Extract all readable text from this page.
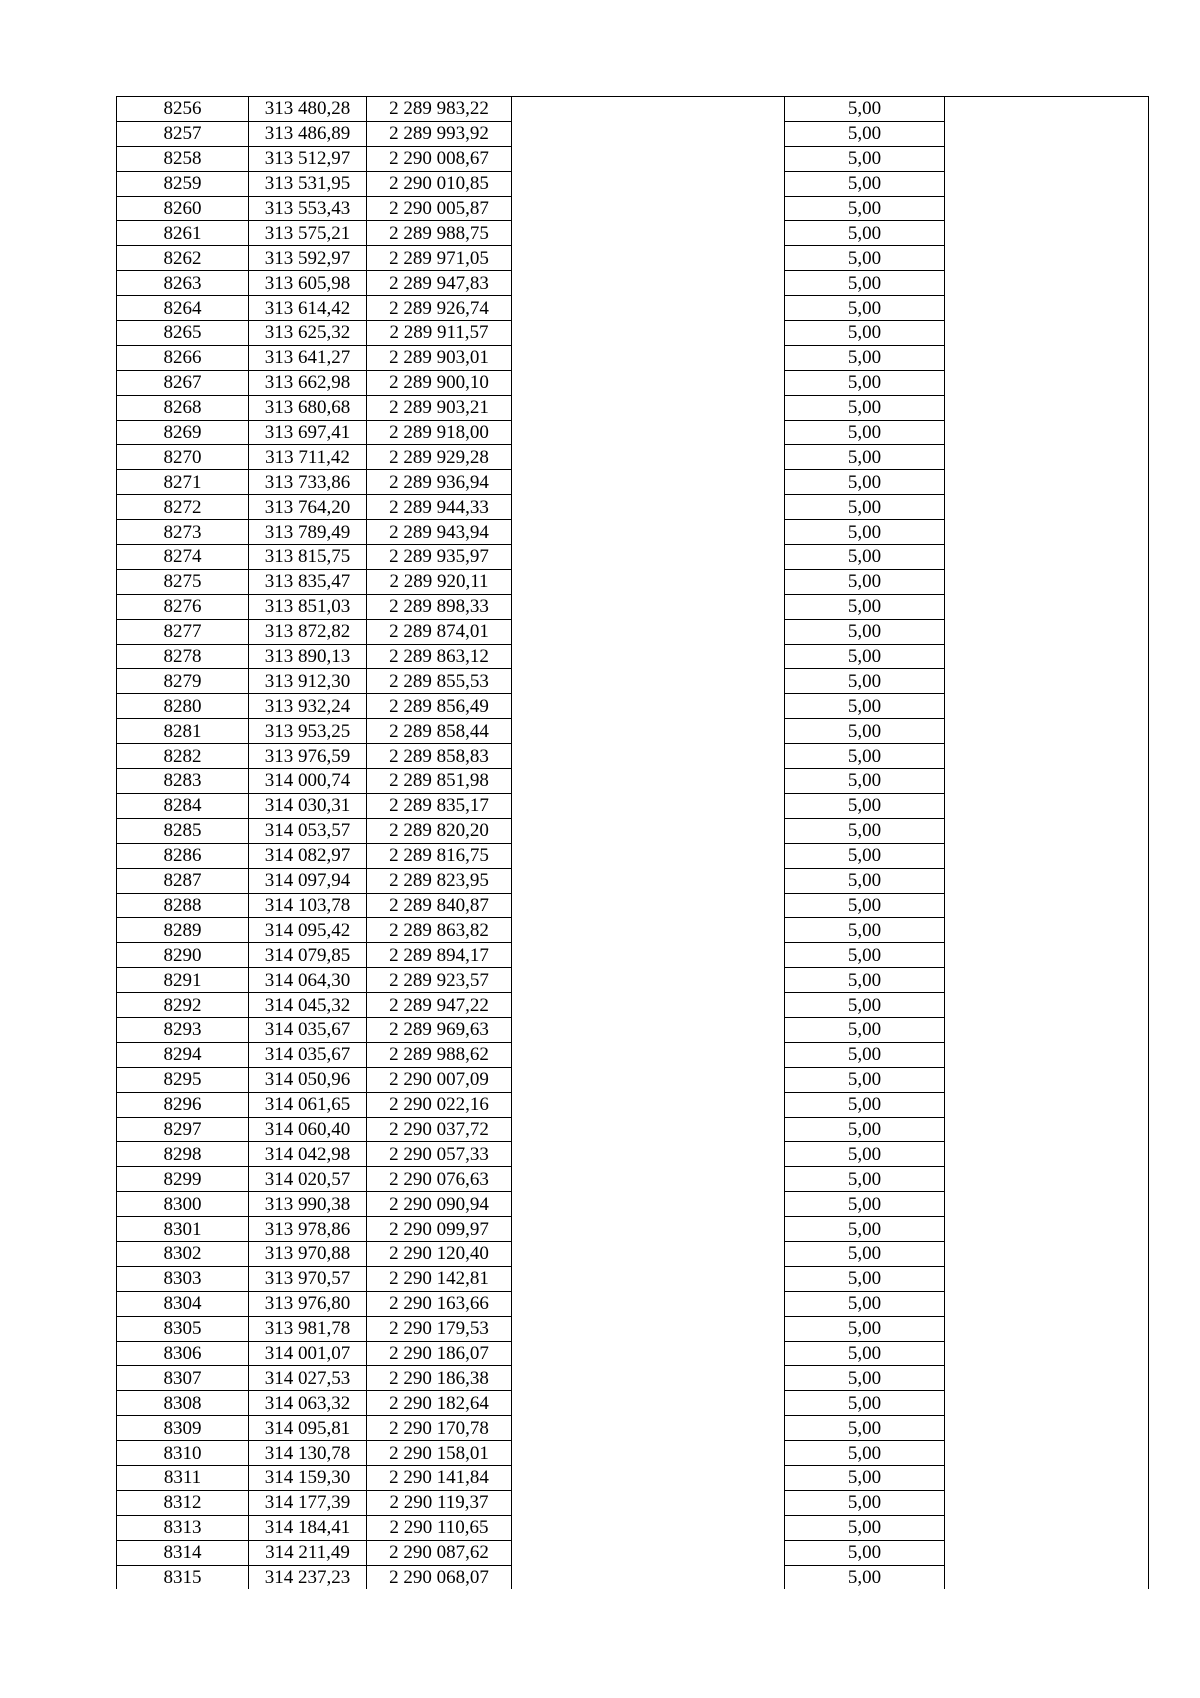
8256	313 480,28	2 289 983,22		5,00	
8257	313 486,89	2 289 993,92		5,00	
8258	313 512,97	2 290 008,67		5,00	
8259	313 531,95	2 290 010,85		5,00	
8260	313 553,43	2 290 005,87		5,00	
8261	313 575,21	2 289 988,75		5,00	
8262	313 592,97	2 289 971,05		5,00	
8263	313 605,98	2 289 947,83		5,00	
8264	313 614,42	2 289 926,74		5,00	
8265	313 625,32	2 289 911,57		5,00	
8266	313 641,27	2 289 903,01		5,00	
8267	313 662,98	2 289 900,10		5,00	
8268	313 680,68	2 289 903,21		5,00	
8269	313 697,41	2 289 918,00		5,00	
8270	313 711,42	2 289 929,28		5,00	
8271	313 733,86	2 289 936,94		5,00	
8272	313 764,20	2 289 944,33		5,00	
8273	313 789,49	2 289 943,94		5,00	
8274	313 815,75	2 289 935,97		5,00	
8275	313 835,47	2 289 920,11		5,00	
8276	313 851,03	2 289 898,33		5,00	
8277	313 872,82	2 289 874,01		5,00	
8278	313 890,13	2 289 863,12		5,00	
8279	313 912,30	2 289 855,53		5,00	
8280	313 932,24	2 289 856,49		5,00	
8281	313 953,25	2 289 858,44		5,00	
8282	313 976,59	2 289 858,83		5,00	
8283	314 000,74	2 289 851,98		5,00	
8284	314 030,31	2 289 835,17		5,00	
8285	314 053,57	2 289 820,20		5,00	
8286	314 082,97	2 289 816,75		5,00	
8287	314 097,94	2 289 823,95		5,00	
8288	314 103,78	2 289 840,87		5,00	
8289	314 095,42	2 289 863,82		5,00	
8290	314 079,85	2 289 894,17		5,00	
8291	314 064,30	2 289 923,57		5,00	
8292	314 045,32	2 289 947,22		5,00	
8293	314 035,67	2 289 969,63		5,00	
8294	314 035,67	2 289 988,62		5,00	
8295	314 050,96	2 290 007,09		5,00	
8296	314 061,65	2 290 022,16		5,00	
8297	314 060,40	2 290 037,72		5,00	
8298	314 042,98	2 290 057,33		5,00	
8299	314 020,57	2 290 076,63		5,00	
8300	313 990,38	2 290 090,94		5,00	
8301	313 978,86	2 290 099,97		5,00	
8302	313 970,88	2 290 120,40		5,00	
8303	313 970,57	2 290 142,81		5,00	
8304	313 976,80	2 290 163,66		5,00	
8305	313 981,78	2 290 179,53		5,00	
8306	314 001,07	2 290 186,07		5,00	
8307	314 027,53	2 290 186,38		5,00	
8308	314 063,32	2 290 182,64		5,00	
8309	314 095,81	2 290 170,78		5,00	
8310	314 130,78	2 290 158,01		5,00	
8311	314 159,30	2 290 141,84		5,00	
8312	314 177,39	2 290 119,37		5,00	
8313	314 184,41	2 290 110,65		5,00	
8314	314 211,49	2 290 087,62		5,00	
8315	314 237,23	2 290 068,07		5,00	
